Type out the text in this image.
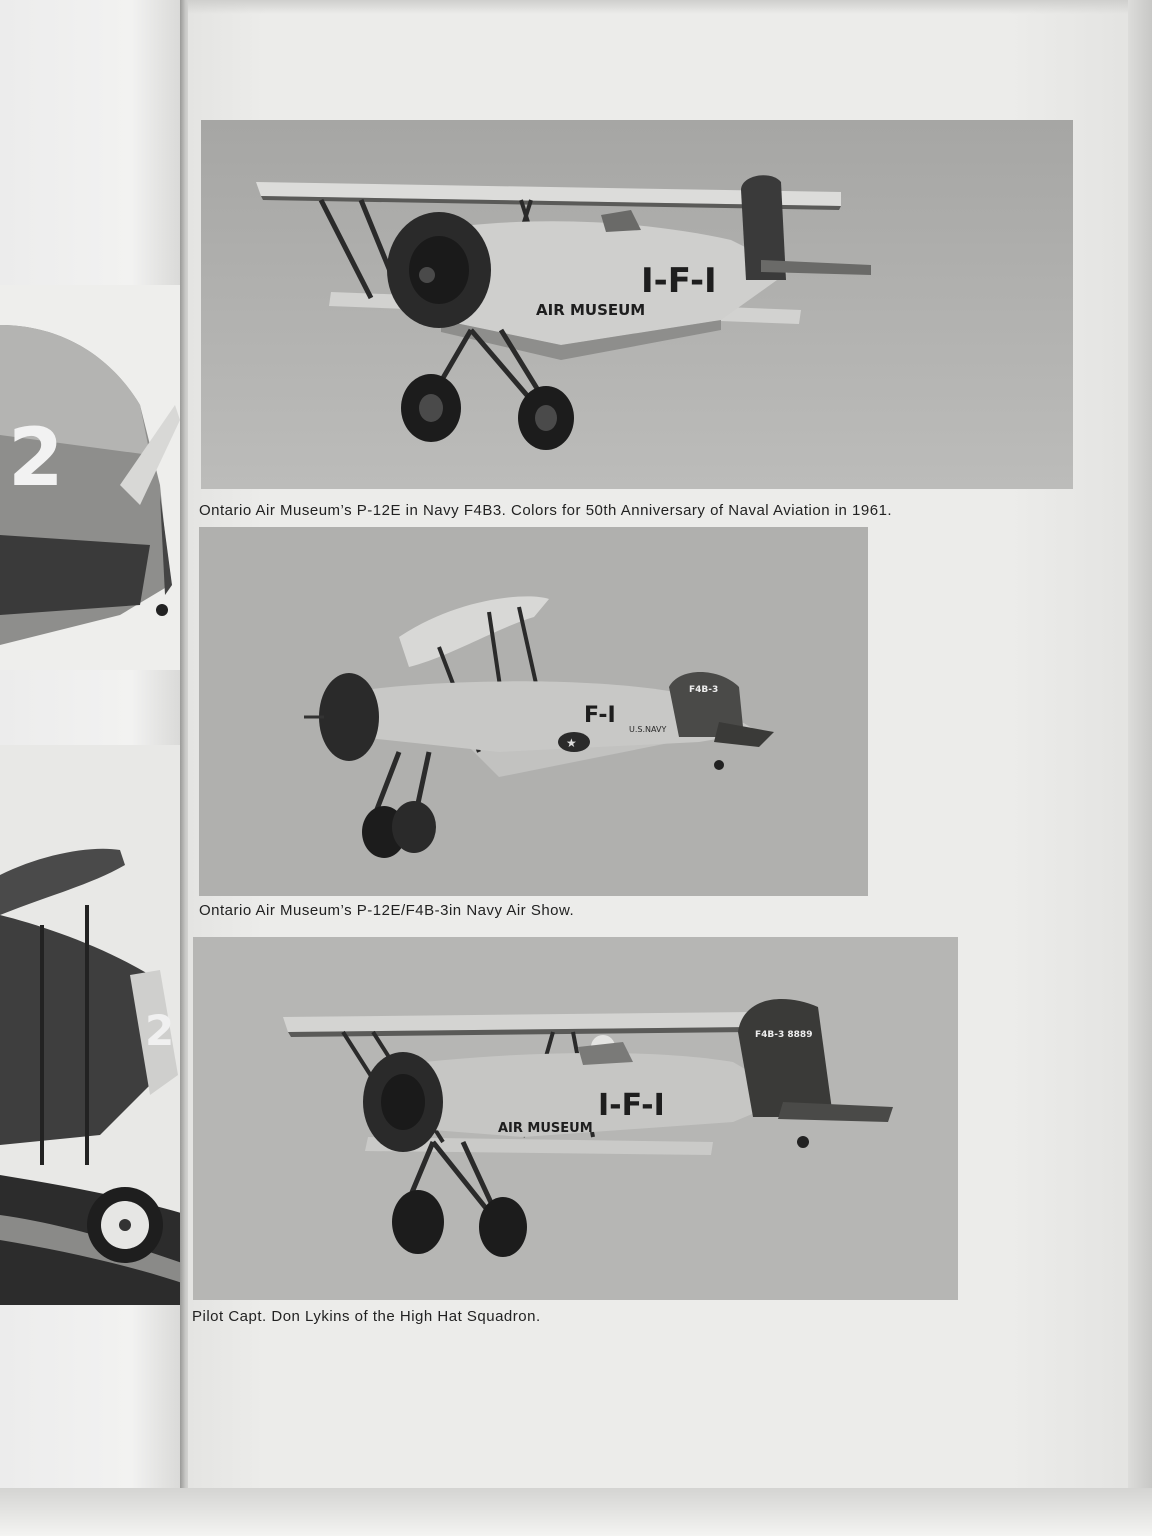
2
2
I-F-I
AIR MUSEUM

Ontario Air Museum’s P-12E in Navy F4B3. Colors for 50th Anniversary of Naval Aviation in 1961.

★
F-I
U.S.NAVY
F4B-3

Ontario Air Museum’s P-12E/F4B-3in Navy Air Show.

I-F-I
AIR MUSEUM
F4B-3 8889

Pilot Capt. Don Lykins of the High Hat Squadron.
